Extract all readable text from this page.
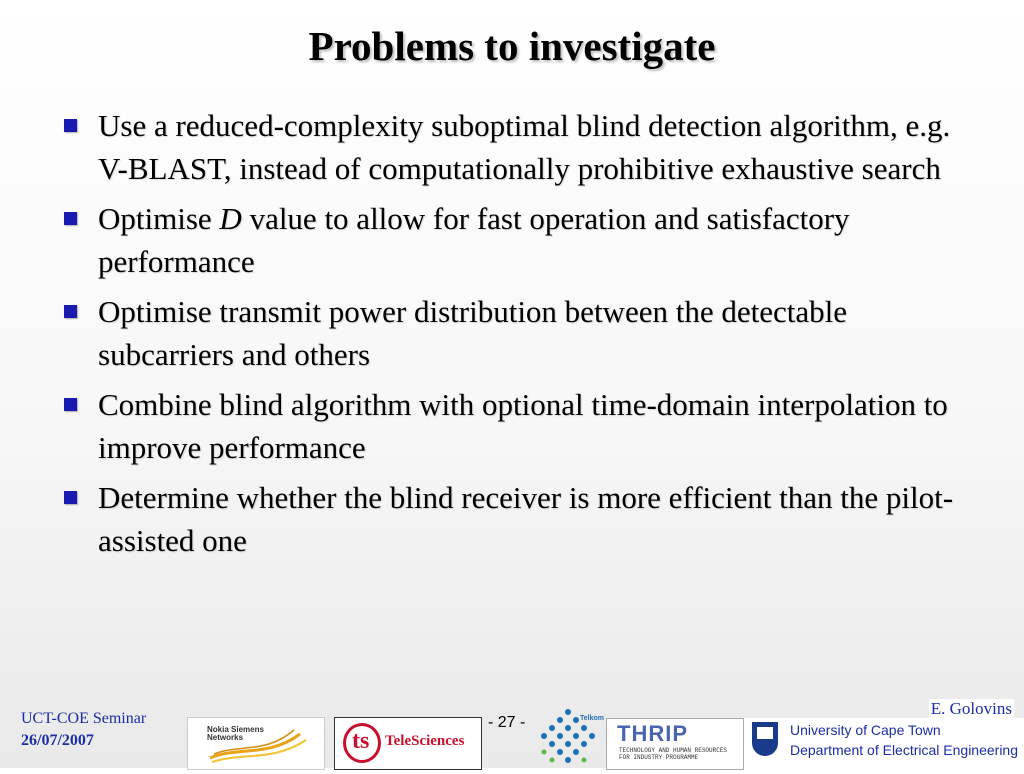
Problems to investigate
Use a reduced-complexity suboptimal blind detection algorithm, e.g. V-BLAST, instead of computationally prohibitive exhaustive search
Optimise D value to allow for fast operation and satisfactory performance
Optimise transmit power distribution between the detectable subcarriers and others
Combine blind algorithm with optional time-domain interpolation to improve performance
Determine whether the blind receiver is more efficient than the pilot-assisted one
UCT-COE Seminar
26/07/2007
- 27 -
E. Golovins
Nokia Siemens
Networks	ts TeleSciences
Telkom
THRIP
TECHNOLOGY AND HUMAN RESOURCES
FOR INDUSTRY PROGRAMME
University of Cape Town
Department of Electrical Engineering
